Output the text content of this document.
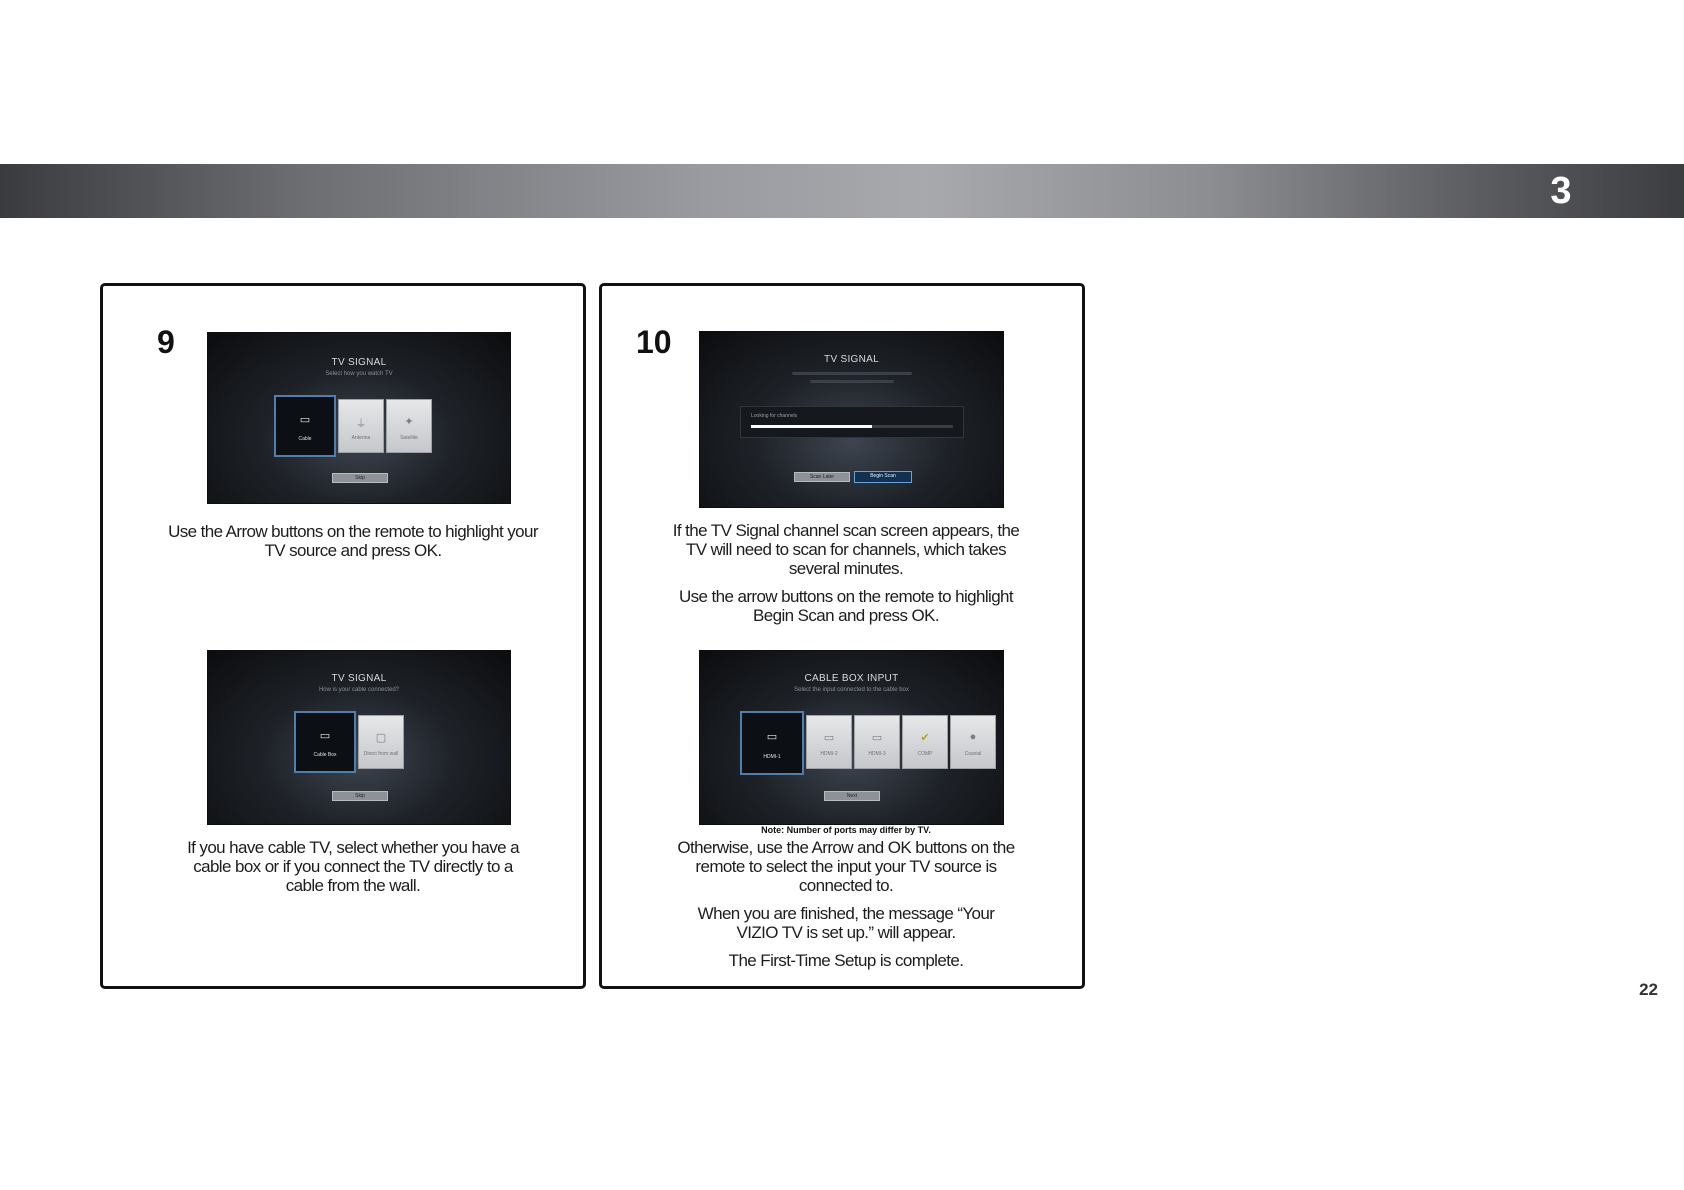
3
9
TV SIGNAL
Select how you watch TV
▭
Cable
⏚
Antenna
✦
Satellite
Skip
Use the Arrow buttons on the remote to highlight your TV source and press OK.
TV SIGNAL
How is your cable connected?
▭
Cable Box
▢
Direct from wall
Skip
If you have cable TV, select whether you have a cable box or if you connect the TV directly to a cable from the wall.
10	TV SIGNAL
Looking for channels
Scan Later	Begin Scan
If the TV Signal channel scan screen appears, the TV will need to scan for channels, which takes several minutes.
Use the arrow buttons on the remote to highlight Begin Scan and press OK.
CABLE BOX INPUT
Select the input connected to the cable box
▭
HDMI-1
▭
HDMI-2
▭
HDMI-3
✔
COMP
●
Coaxial
Next
Note: Number of ports may differ by TV.
Otherwise, use the Arrow and OK buttons on the remote to select the input your TV source is connected to.
When you are finished, the message “Your VIZIO TV is set up.” will appear.
The First-Time Setup is complete.
22
